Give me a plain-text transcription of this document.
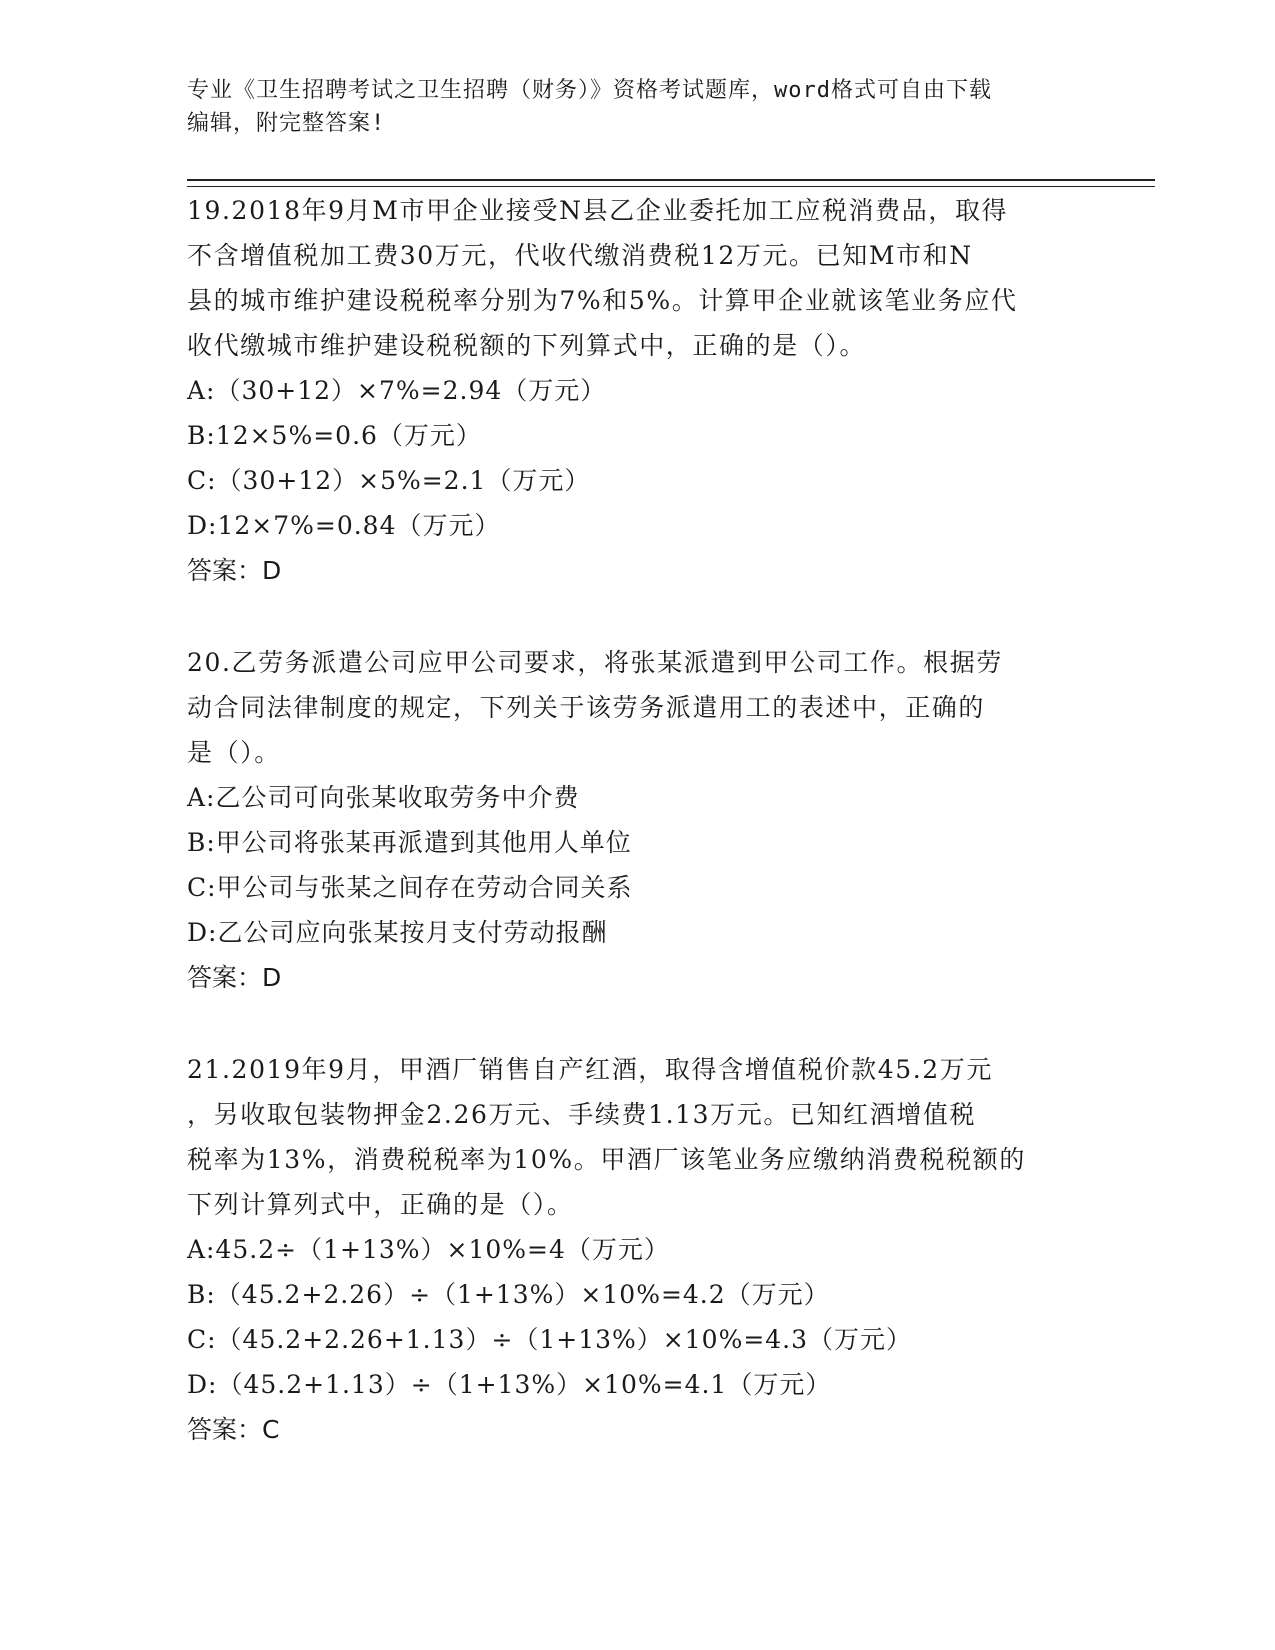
专业《卫生招聘考试之卫生招聘（财务）》资格考试题库，word格式可自由下载
编辑，附完整答案!
19.2018年9月M市甲企业接受N县乙企业委托加工应税消费品，取得
不含增值税加工费30万元，代收代缴消费税12万元。已知M市和N
县的城市维护建设税税率分别为7%和5%。计算甲企业就该笔业务应代
收代缴城市维护建设税税额的下列算式中，正确的是（）。
A:（30+12）×7%=2.94（万元）
B:12×5%=0.6（万元）
C:（30+12）×5%=2.1（万元）
D:12×7%=0.84（万元）
答案：D
20.乙劳务派遣公司应甲公司要求，将张某派遣到甲公司工作。根据劳
动合同法律制度的规定，下列关于该劳务派遣用工的表述中，正确的
是（）。
A:乙公司可向张某收取劳务中介费
B:甲公司将张某再派遣到其他用人单位
C:甲公司与张某之间存在劳动合同关系
D:乙公司应向张某按月支付劳动报酬
答案：D
21.2019年9月，甲酒厂销售自产红酒，取得含增值税价款45.2万元
，另收取包装物押金2.26万元、手续费1.13万元。已知红酒增值税
税率为13%，消费税税率为10%。甲酒厂该笔业务应缴纳消费税税额的
下列计算列式中，正确的是（）。
A:45.2÷（1+13%）×10%=4（万元）
B:（45.2+2.26）÷（1+13%）×10%=4.2（万元）
C:（45.2+2.26+1.13）÷（1+13%）×10%=4.3（万元）
D:（45.2+1.13）÷（1+13%）×10%=4.1（万元）
答案：C
